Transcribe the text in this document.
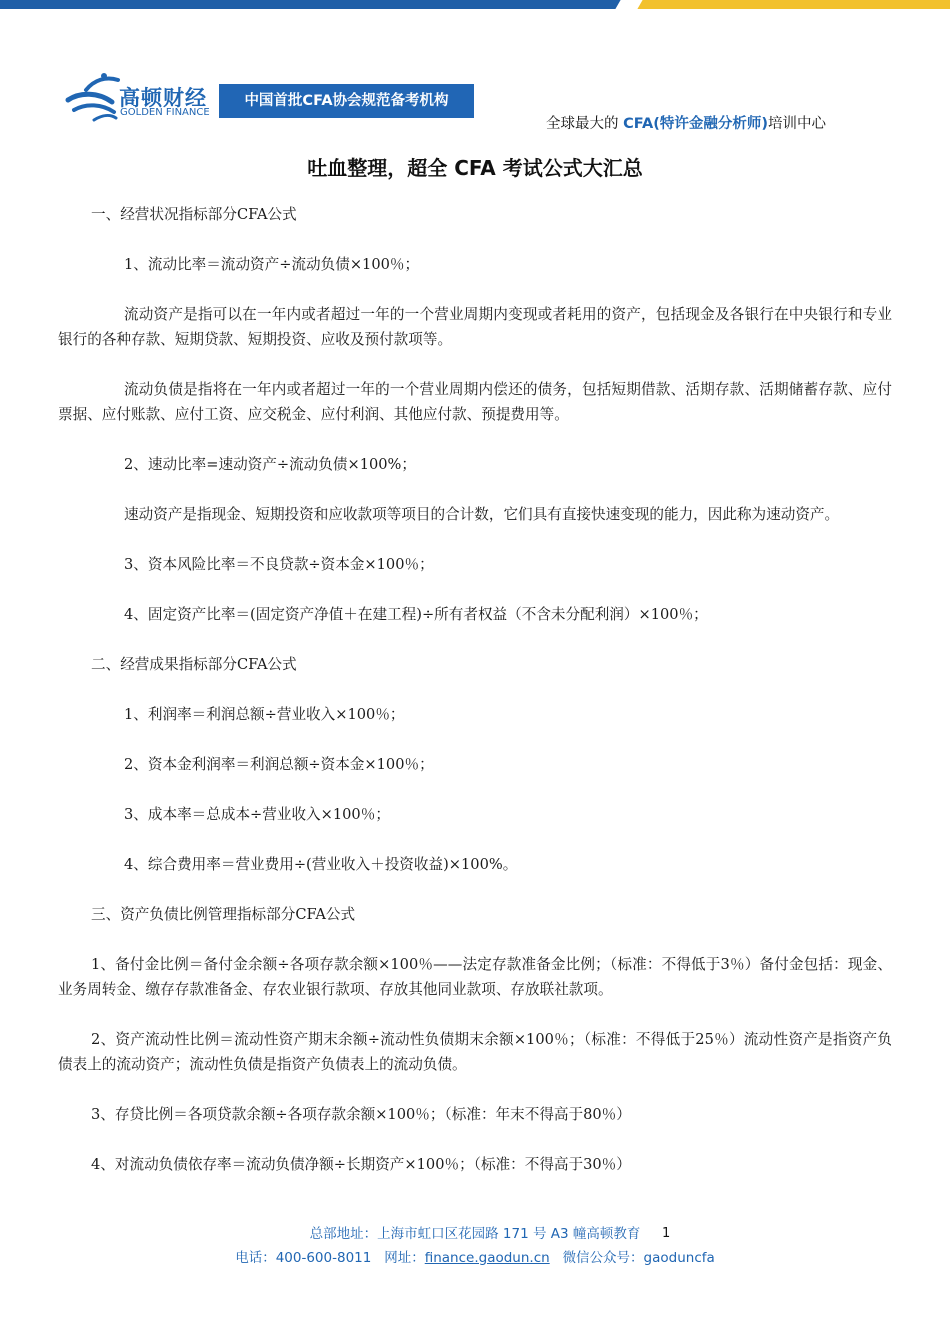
高顿财经
GOLDEN FINANCE
中国首批CFA协会规范备考机构
全球最大的 CFA(特许金融分析师)培训中心
吐血整理，超全 CFA 考试公式大汇总

一、经营状况指标部分CFA公式

1、流动比率＝流动资产÷流动负债×100％；

流动资产是指可以在一年内或者超过一年的一个营业周期内变现或者耗用的资产，包括现金及各银行在中央银行和专业银行的各种存款、短期贷款、短期投资、应收及预付款项等。

流动负债是指将在一年内或者超过一年的一个营业周期内偿还的债务，包括短期借款、活期存款、活期储蓄存款、应付票据、应付账款、应付工资、应交税金、应付利润、其他应付款、预提费用等。

2、速动比率=速动资产÷流动负债×100%；

速动资产是指现金、短期投资和应收款项等项目的合计数，它们具有直接快速变现的能力，因此称为速动资产。

3、资本风险比率＝不良贷款÷资本金×100％；

4、固定资产比率＝(固定资产净值＋在建工程)÷所有者权益（不含未分配利润）×100％；

二、经营成果指标部分CFA公式

1、利润率＝利润总额÷营业收入×100％；

2、资本金利润率＝利润总额÷资本金×100％；

3、成本率＝总成本÷营业收入×100％；

4、综合费用率＝营业费用÷(营业收入＋投资收益)×100%。

三、资产负债比例管理指标部分CFA公式

1、备付金比例＝备付金余额÷各项存款余额×100％——法定存款准备金比例；（标准：不得低于3％）备付金包括：现金、业务周转金、缴存存款准备金、存农业银行款项、存放其他同业款项、存放联社款项。

2、资产流动性比例＝流动性资产期末余额÷流动性负债期末余额×100％；（标准：不得低于25％）流动性资产是指资产负债表上的流动资产；流动性负债是指资产负债表上的流动负债。

3、存贷比例＝各项贷款余额÷各项存款余额×100％；（标准：年末不得高于80％）

4、对流动负债依存率＝流动负债净额÷长期资产×100％；（标准：不得高于30％）

总部地址：上海市虹口区花园路 171 号 A3 幢高顿教育
电话：400-600-8011 网址：finance.gaodun.cn 微信公众号：gaoduncfa
1
